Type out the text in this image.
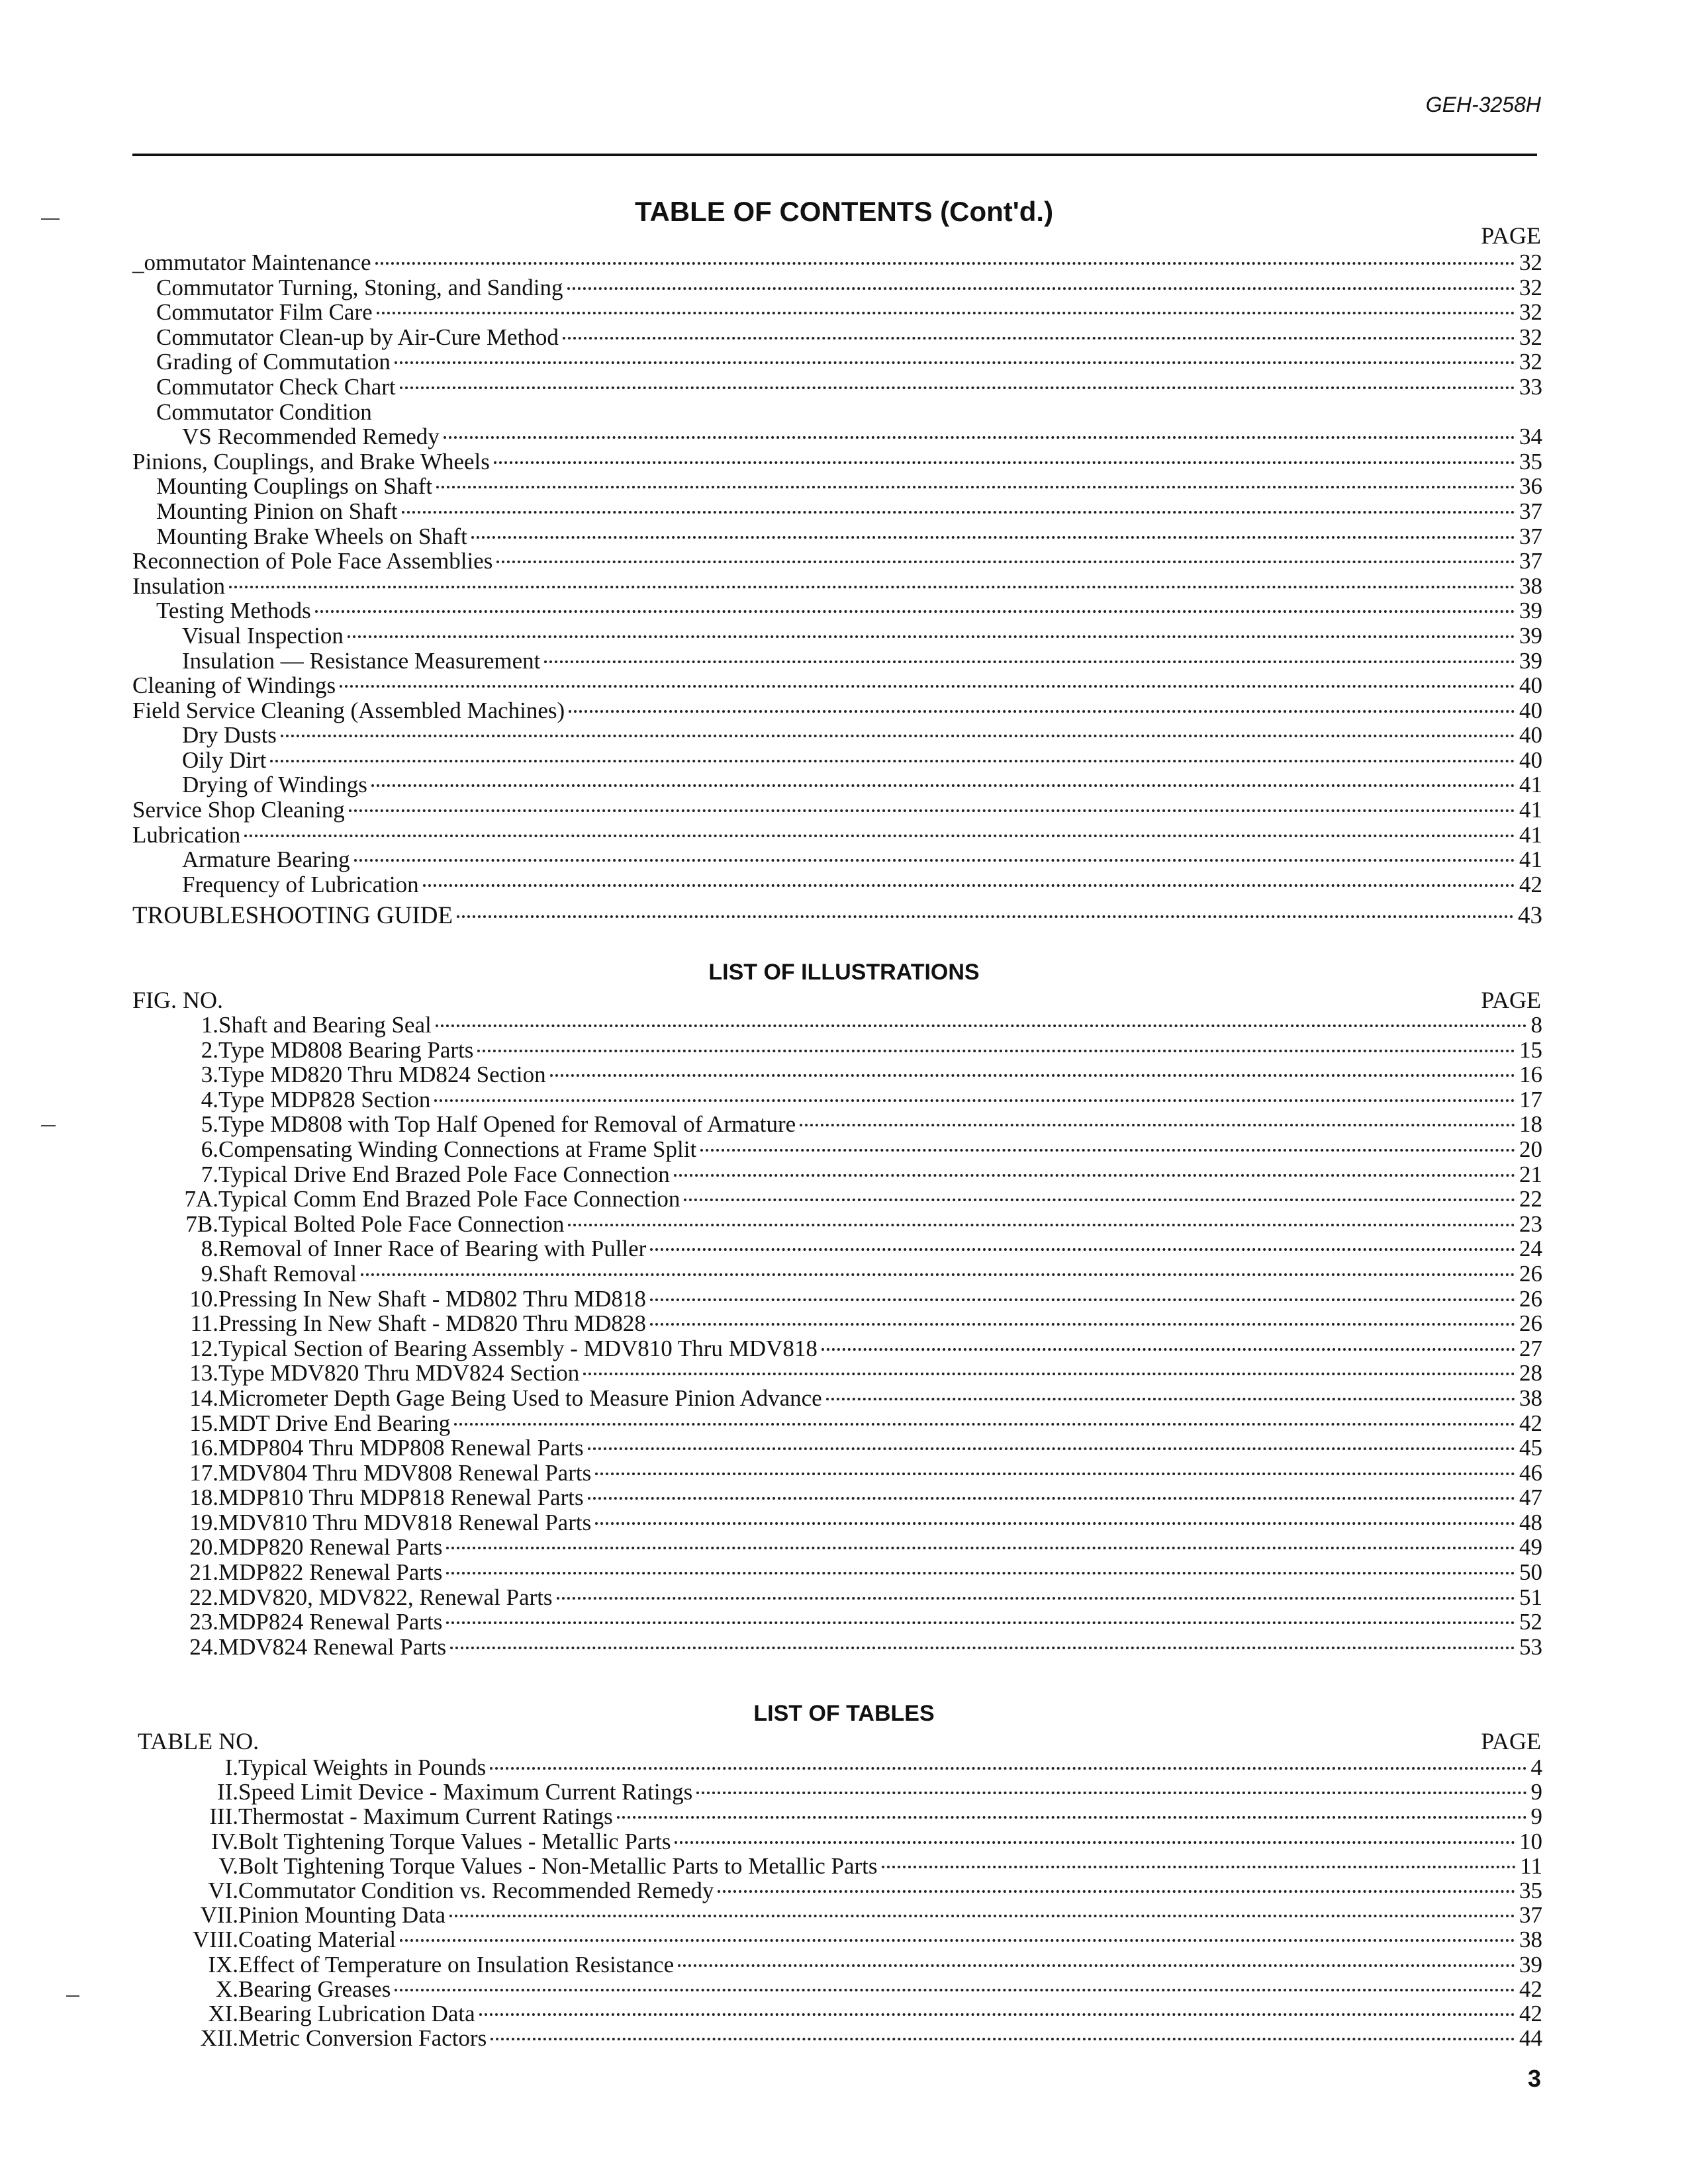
GEH-3258H
TABLE OF CONTENTS (Cont'd.)
PAGE
_ommutator Maintenance	32
Commutator Turning, Stoning, and Sanding	32
Commutator Film Care	32
Commutator Clean-up by Air-Cure Method	32
Grading of Commutation	32
Commutator Check Chart	33
Commutator Condition
VS Recommended Remedy	34
Pinions, Couplings, and Brake Wheels	35
Mounting Couplings on Shaft	36
Mounting Pinion on Shaft	37
Mounting Brake Wheels on Shaft	37
Reconnection of Pole Face Assemblies	37
Insulation	38
Testing Methods	39
Visual Inspection	39
Insulation — Resistance Measurement	39
Cleaning of Windings	40
Field Service Cleaning (Assembled Machines)	40
Dry Dusts	40
Oily Dirt	40
Drying of Windings	41
Service Shop Cleaning	41
Lubrication	41
Armature Bearing	41
Frequency of Lubrication	42
TROUBLESHOOTING GUIDE	43
LIST OF ILLUSTRATIONS
FIG. NO.	PAGE
1. Shaft and Bearing Seal	8
2. Type MD808 Bearing Parts	15
3. Type MD820 Thru MD824 Section	16
4. Type MDP828 Section	17
5. Type MD808 with Top Half Opened for Removal of Armature	18
6. Compensating Winding Connections at Frame Split	20
7. Typical Drive End Brazed Pole Face Connection	21
7A. Typical Comm End Brazed Pole Face Connection	22
7B. Typical Bolted Pole Face Connection	23
8. Removal of Inner Race of Bearing with Puller	24
9. Shaft Removal	26
10. Pressing In New Shaft - MD802 Thru MD818	26
11. Pressing In New Shaft - MD820 Thru MD828	26
12. Typical Section of Bearing Assembly - MDV810 Thru MDV818	27
13. Type MDV820 Thru MDV824 Section	28
14. Micrometer Depth Gage Being Used to Measure Pinion Advance	38
15. MDT Drive End Bearing	42
16. MDP804 Thru MDP808 Renewal Parts	45
17. MDV804 Thru MDV808 Renewal Parts	46
18. MDP810 Thru MDP818 Renewal Parts	47
19. MDV810 Thru MDV818 Renewal Parts	48
20. MDP820 Renewal Parts	49
21. MDP822 Renewal Parts	50
22. MDV820, MDV822, Renewal Parts	51
23. MDP824 Renewal Parts	52
24. MDV824 Renewal Parts	53
LIST OF TABLES
TABLE NO.	PAGE
I. Typical Weights in Pounds	4
II. Speed Limit Device - Maximum Current Ratings	9
III. Thermostat - Maximum Current Ratings	9
IV. Bolt Tightening Torque Values - Metallic Parts	10
V. Bolt Tightening Torque Values - Non-Metallic Parts to Metallic Parts	11
VI. Commutator Condition vs. Recommended Remedy	35
VII. Pinion Mounting Data	37
VIII. Coating Material	38
IX. Effect of Temperature on Insulation Resistance	39
X. Bearing Greases	42
XI. Bearing Lubrication Data	42
XII. Metric Conversion Factors	44
3
